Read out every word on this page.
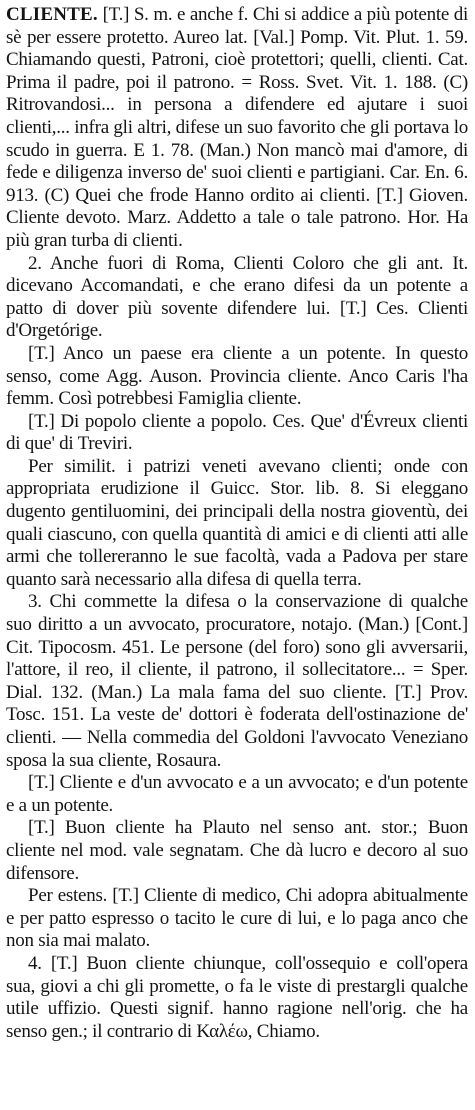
CLIENTE. [T.] S. m. e anche f. Chi si addice a più potente di sè per essere protetto. Aureo lat. [Val.] Pomp. Vit. Plut. 1. 59. Chiamando questi, Patroni, cioè protettori; quelli, clienti. Cat. Prima il padre, poi il patrono. = Ross. Svet. Vit. 1. 188. (C) Ritrovandosi... in persona a difendere ed ajutare i suoi clienti,... infra gli altri, difese un suo favorito che gli portava lo scudo in guerra. E 1. 78. (Man.) Non mancò mai d'amore, di fede e diligenza inverso de' suoi clienti e partigiani. Car. En. 6. 913. (C) Quei che frode Hanno ordito ai clienti. [T.] Gioven. Cliente devoto. Marz. Addetto a tale o tale patrono. Hor. Ha più gran turba di clienti.

2. Anche fuori di Roma, Clienti Coloro che gli ant. It. dicevano Accomandati, e che erano difesi da un potente a patto di dover più sovente difendere lui. [T.] Ces. Clienti d'Orgetórige.

[T.] Anco un paese era cliente a un potente. In questo senso, come Agg. Auson. Provincia cliente. Anco Caris l'ha femm. Così potrebbesi Famiglia cliente.

[T.] Di popolo cliente a popolo. Ces. Que' d'Évreux clienti di que' di Treviri.

Per similit. i patrizi veneti avevano clienti; onde con appropriata erudizione il Guicc. Stor. lib. 8. Si eleggano dugento gentiluomini, dei principali della nostra gioventù, dei quali ciascuno, con quella quantità di amici e di clienti atti alle armi che tollereranno le sue facoltà, vada a Padova per stare quanto sarà necessario alla difesa di quella terra.

3. Chi commette la difesa o la conservazione di qualche suo diritto a un avvocato, procuratore, notajo. (Man.) [Cont.] Cit. Tipocosm. 451. Le persone (del foro) sono gli avversarii, l'attore, il reo, il cliente, il patrono, il sollecitatore... = Sper. Dial. 132. (Man.) La mala fama del suo cliente. [T.] Prov. Tosc. 151. La veste de' dottori è foderata dell'ostinazione de' clienti. — Nella commedia del Goldoni l'avvocato Veneziano sposa la sua cliente, Rosaura.

[T.] Cliente e d'un avvocato e a un avvocato; e d'un potente e a un potente.

[T.] Buon cliente ha Plauto nel senso ant. stor.; Buon cliente nel mod. vale segnatam. Che dà lucro e decoro al suo difensore.

Per estens. [T.] Cliente di medico, Chi adopra abitualmente e per patto espresso o tacito le cure di lui, e lo paga anco che non sia mai malato.

4. [T.] Buon cliente chiunque, coll'ossequio e coll'opera sua, giovi a chi gli promette, o fa le viste di prestargli qualche utile uffizio. Questi signif. hanno ragione nell'orig. che ha senso gen.; il contrario di Καλέω, Chiamo.
